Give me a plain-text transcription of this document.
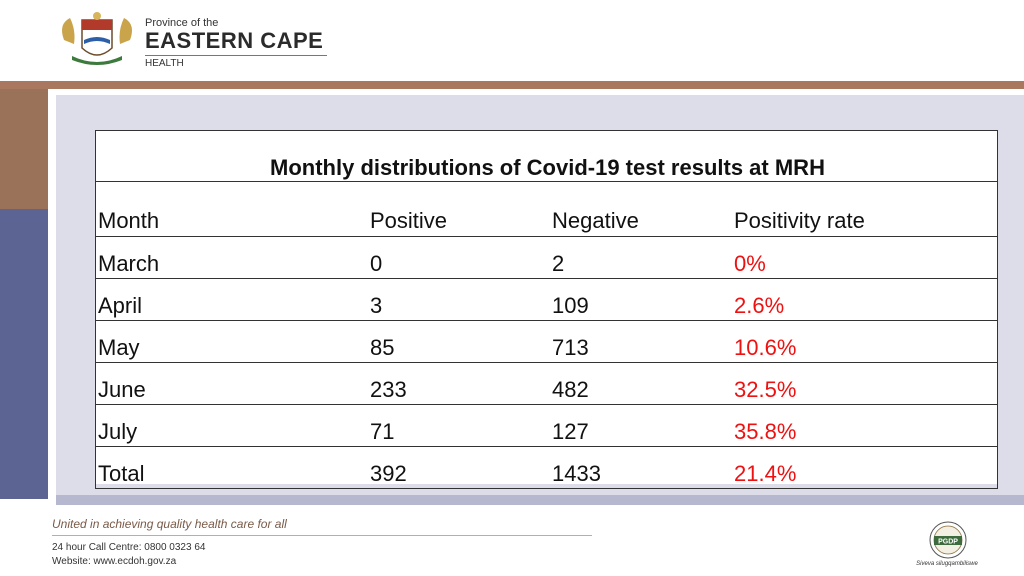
Province of the
EASTERN CAPE
HEALTH
Monthly distributions of Covid-19 test results at MRH			
Month	Positive	Negative	Positivity rate
March	0	2	0%
April	3	109	2.6%
May	85	713	10.6%
June	233	482	32.5%
July	71	127	35.8%
Total	392	1433	21.4%
United in achieving quality health care for all
24 hour Call Centre: 0800 0323 64
Website: www.ecdoh.gov.za
PGDP
Siveva silugqambiliswe
